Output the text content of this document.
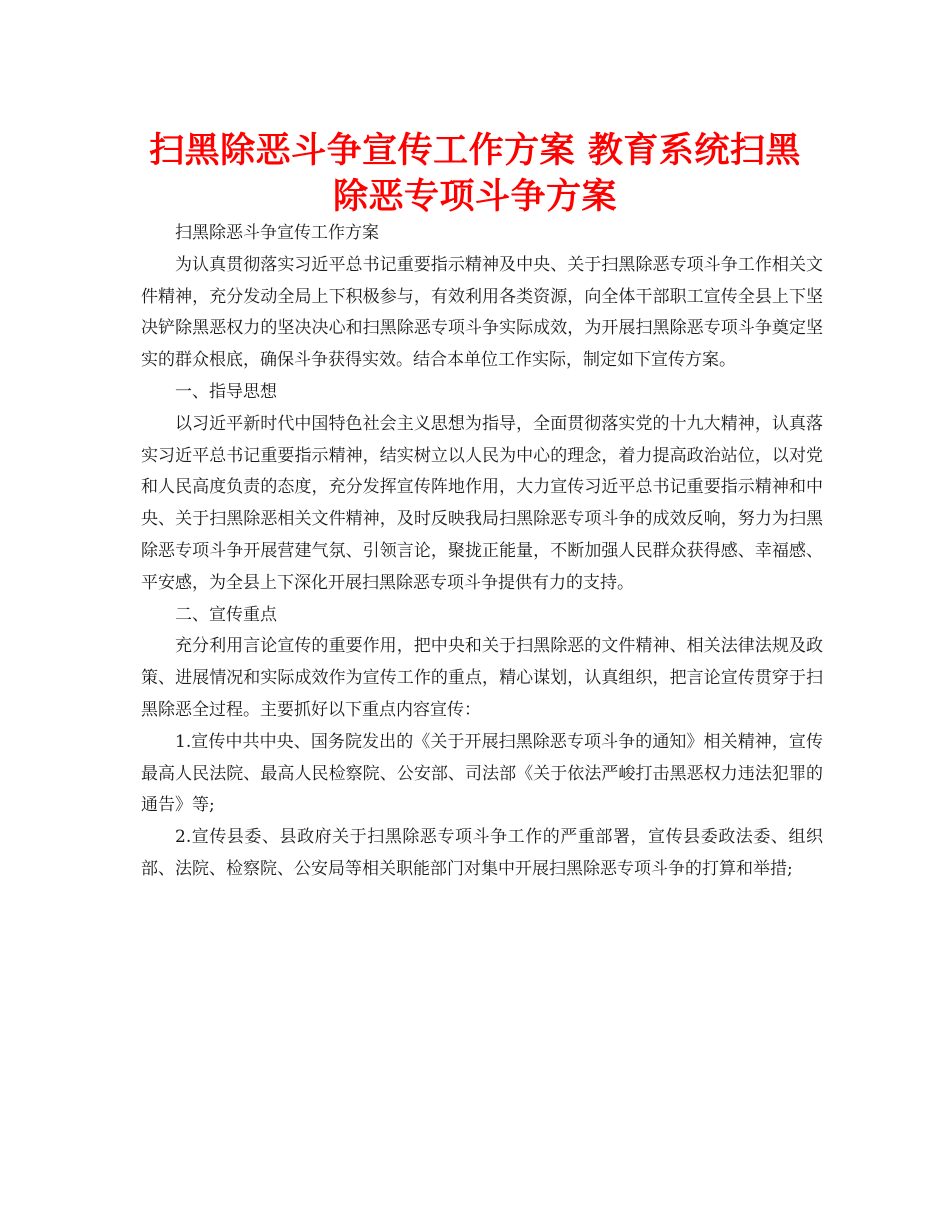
扫黑除恶斗争宣传工作方案 教育系统扫黑
除恶专项斗争方案

扫黑除恶斗争宣传工作方案

为认真贯彻落实习近平总书记重要指示精神及中央、关于扫黑除恶专项斗争工作相关文件精神，充分发动全局上下积极参与，有效利用各类资源，向全体干部职工宣传全县上下坚决铲除黑恶权力的坚决决心和扫黑除恶专项斗争实际成效，为开展扫黑除恶专项斗争奠定坚实的群众根底，确保斗争获得实效。结合本单位工作实际，制定如下宣传方案。

一、指导思想

以习近平新时代中国特色社会主义思想为指导，全面贯彻落实党的十九大精神，认真落实习近平总书记重要指示精神，结实树立以人民为中心的理念，着力提高政治站位，以对党和人民高度负责的态度，充分发挥宣传阵地作用，大力宣传习近平总书记重要指示精神和中央、关于扫黑除恶相关文件精神，及时反映我局扫黑除恶专项斗争的成效反响，努力为扫黑除恶专项斗争开展营建气氛、引领言论，聚拢正能量，不断加强人民群众获得感、幸福感、平安感，为全县上下深化开展扫黑除恶专项斗争提供有力的支持。

二、宣传重点

充分利用言论宣传的重要作用，把中央和关于扫黑除恶的文件精神、相关法律法规及政策、进展情况和实际成效作为宣传工作的重点，精心谋划，认真组织，把言论宣传贯穿于扫黑除恶全过程。主要抓好以下重点内容宣传：

1.宣传中共中央、国务院发出的《关于开展扫黑除恶专项斗争的通知》相关精神，宣传最高人民法院、最高人民检察院、公安部、司法部《关于依法严峻打击黑恶权力违法犯罪的通告》等;

2.宣传县委、县政府关于扫黑除恶专项斗争工作的严重部署，宣传县委政法委、组织部、法院、检察院、公安局等相关职能部门对集中开展扫黑除恶专项斗争的打算和举措;
